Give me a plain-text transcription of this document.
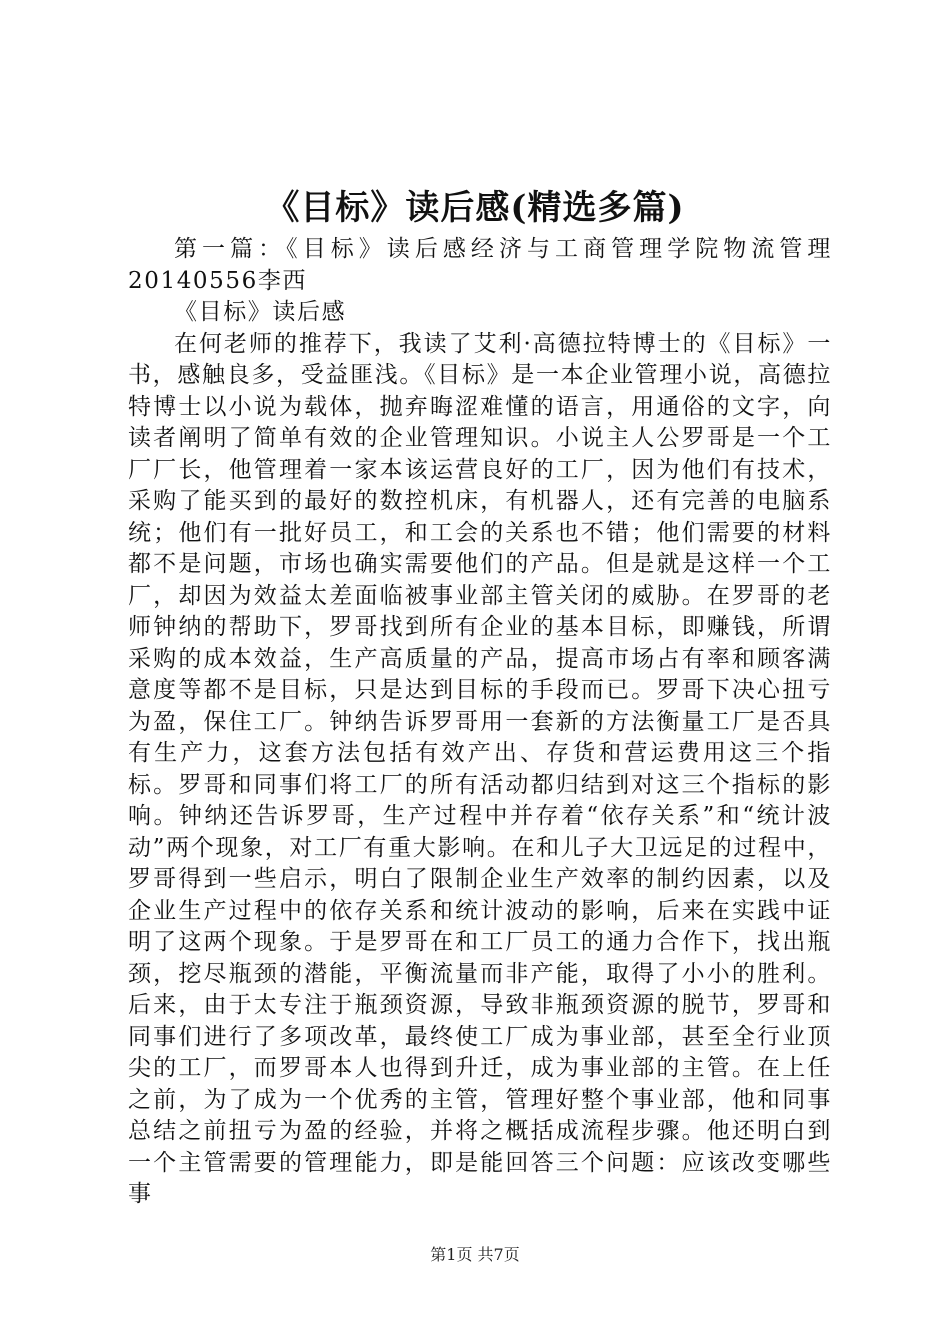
《目标》读后感(精选多篇)

第一篇：《目标》读后感经济与工商管理学院物流管理20140556李西

《目标》读后感

在何老师的推荐下，我读了艾利·高德拉特博士的《目标》一书，感触良多，受益匪浅。《目标》是一本企业管理小说，高德拉特博士以小说为载体，抛弃晦涩难懂的语言，用通俗的文字，向读者阐明了简单有效的企业管理知识。小说主人公罗哥是一个工厂厂长，他管理着一家本该运营良好的工厂，因为他们有技术，采购了能买到的最好的数控机床，有机器人，还有完善的电脑系统；他们有一批好员工，和工会的关系也不错；他们需要的材料都不是问题，市场也确实需要他们的产品。但是就是这样一个工厂，却因为效益太差面临被事业部主管关闭的威胁。在罗哥的老师钟纳的帮助下，罗哥找到所有企业的基本目标，即赚钱，所谓采购的成本效益，生产高质量的产品，提高市场占有率和顾客满意度等都不是目标，只是达到目标的手段而已。罗哥下决心扭亏为盈，保住工厂。钟纳告诉罗哥用一套新的方法衡量工厂是否具有生产力，这套方法包括有效产出、存货和营运费用这三个指标。罗哥和同事们将工厂的所有活动都归结到对这三个指标的影响。钟纳还告诉罗哥，生产过程中并存着“依存关系”和“统计波动”两个现象，对工厂有重大影响。在和儿子大卫远足的过程中，罗哥得到一些启示，明白了限制企业生产效率的制约因素，以及企业生产过程中的依存关系和统计波动的影响，后来在实践中证明了这两个现象。于是罗哥在和工厂员工的通力合作下，找出瓶颈，挖尽瓶颈的潜能，平衡流量而非产能，取得了小小的胜利。后来，由于太专注于瓶颈资源，导致非瓶颈资源的脱节，罗哥和同事们进行了多项改革，最终使工厂成为事业部，甚至全行业顶尖的工厂，而罗哥本人也得到升迁，成为事业部的主管。在上任之前，为了成为一个优秀的主管，管理好整个事业部，他和同事总结之前扭亏为盈的经验，并将之概括成流程步骤。他还明白到一个主管需要的管理能力，即是能回答三个问题：应该改变哪些事

第1页 共7页
